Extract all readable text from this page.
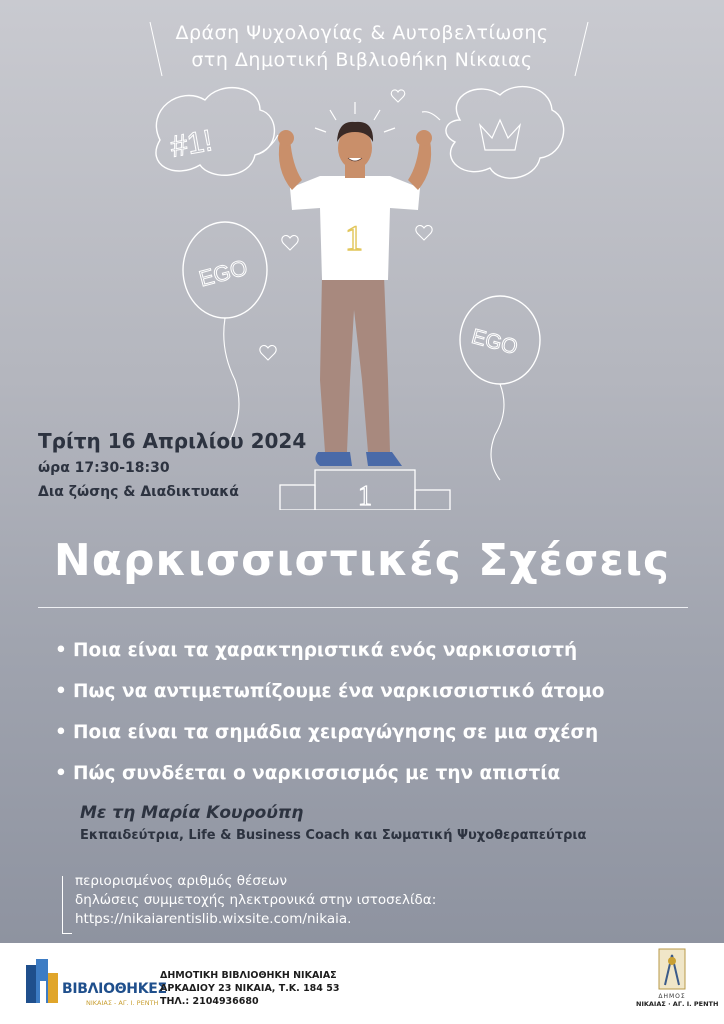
Δράση Ψυχολογίας & Αυτοβελτίωσης
στη Δημοτική Βιβλιοθήκη Νίκαιας
#1!
EGO
EGO
1
1
Τρίτη 16 Απριλίου 2024
ώρα 17:30-18:30
Δια ζώσης & Διαδικτυακά
Ναρκισσιστικές Σχέσεις
• Ποια είναι τα χαρακτηριστικά ενός ναρκισσιστή
• Πως να αντιμετωπίζουμε ένα ναρκισσιστικό άτομο
• Ποια είναι τα σημάδια χειραγώγησης σε μια σχέση
• Πώς συνδέεται ο ναρκισσισμός με την απιστία
Με τη Μαρία Κουρούπη
Εκπαιδεύτρια, Life & Business Coach και Σωματική Ψυχοθεραπεύτρια
περιορισμένος αριθμός θέσεων
δηλώσεις συμμετοχής ηλεκτρονικά στην ιστοσελίδα:
https://nikaiarentislib.wixsite.com/nikaia.
ΒΙΒΛΙΟΘΗΚΕΣ
ΝΙΚΑΙΑΣ - ΑΓ. Ι. ΡΕΝΤΗ
ΔΗΜΟΤΙΚΗ ΒΙΒΛΙΟΘΗΚΗ ΝΙΚΑΙΑΣ
ΑΡΚΑΔΙΟΥ 23 ΝΙΚΑΙΑ, Τ.Κ. 184 53
ΤΗΛ.: 2104936680	ΔΗΜΟΣ
ΝΙΚΑΙΑΣ · ΑΓ. Ι. ΡΕΝΤΗ
